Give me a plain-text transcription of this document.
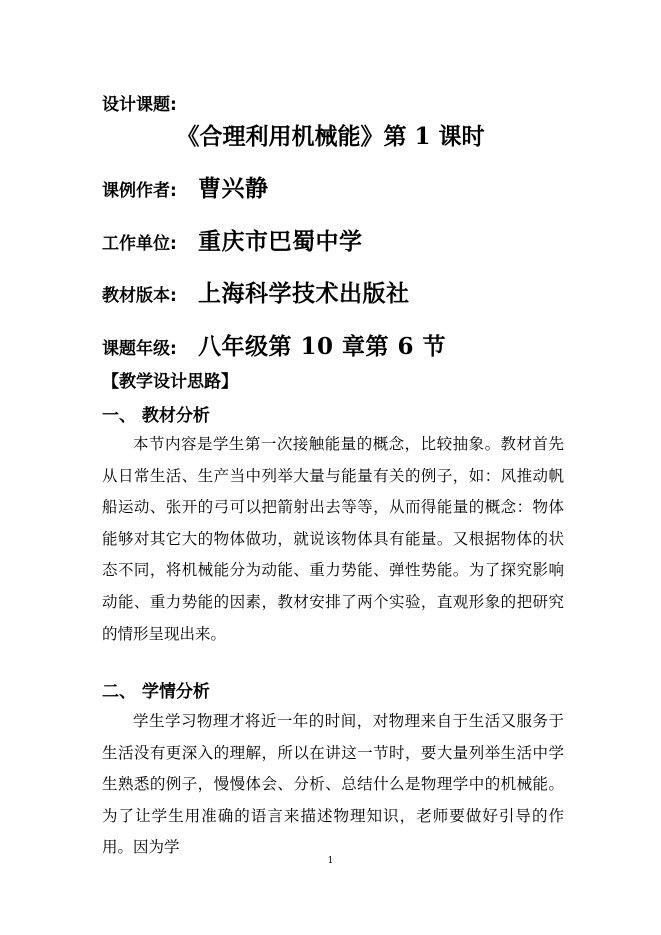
设计课题:
《合理利用机械能》第 1 课时
课例作者: 曹兴静
工作单位: 重庆市巴蜀中学
教材版本: 上海科学技术出版社
课题年级: 八年级第 10 章第 6 节
【教学设计思路】
一、 教材分析

本节内容是学生第一次接触能量的概念，比较抽象。教材首先从日常生活、生产当中列举大量与能量有关的例子，如：风推动帆船运动、张开的弓可以把箭射出去等等，从而得能量的概念：物体能够对其它大的物体做功，就说该物体具有能量。又根据物体的状态不同，将机械能分为动能、重力势能、弹性势能。为了探究影响动能、重力势能的因素，教材安排了两个实验，直观形象的把研究的情形呈现出来。

二、 学情分析

学生学习物理才将近一年的时间，对物理来自于生活又服务于生活没有更深入的理解，所以在讲这一节时，要大量列举生活中学生熟悉的例子，慢慢体会、分析、总结什么是物理学中的机械能。为了让学生用准确的语言来描述物理知识，老师要做好引导的作用。因为学

1
